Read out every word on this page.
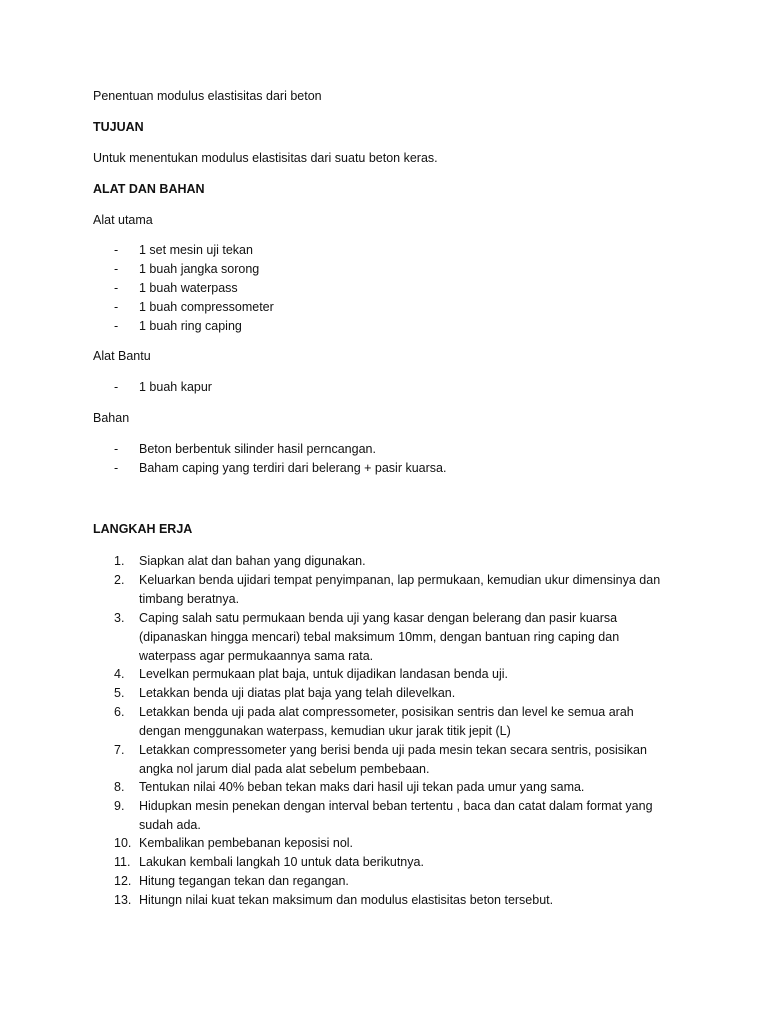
Penentuan modulus elastisitas dari beton
TUJUAN
Untuk menentukan modulus elastisitas dari suatu beton keras.
ALAT DAN BAHAN
Alat utama
- 1 set mesin uji tekan
- 1 buah jangka sorong
- 1 buah waterpass
- 1 buah compressometer
- 1 buah ring caping
Alat Bantu
- 1 buah kapur
Bahan
- Beton berbentuk silinder hasil perncangan.
- Baham caping yang terdiri dari belerang + pasir kuarsa.
LANGKAH ERJA
1.	Siapkan alat dan bahan yang digunakan.
2.	Keluarkan benda ujidari tempat penyimpanan, lap permukaan, kemudian ukur dimensinya dan timbang beratnya.
3.	Caping salah satu permukaan benda uji yang kasar dengan belerang dan pasir kuarsa (dipanaskan hingga mencari) tebal maksimum 10mm, dengan bantuan ring caping dan waterpass agar permukaannya sama rata.
4.	Levelkan permukaan plat baja, untuk dijadikan landasan benda uji.
5.	Letakkan benda uji diatas plat baja yang telah dilevelkan.
6.	Letakkan benda uji pada alat compressometer, posisikan sentris dan level ke semua arah dengan menggunakan waterpass, kemudian ukur jarak titik jepit (L)
7.	Letakkan compressometer yang berisi benda uji pada mesin tekan secara sentris, posisikan angka nol jarum dial pada alat sebelum pembebaan.
8.	Tentukan nilai 40% beban tekan maks dari hasil uji tekan pada umur yang sama.
9.	Hidupkan mesin penekan dengan interval beban tertentu , baca dan catat dalam format yang sudah ada.
10. Kembalikan pembebanan keposisi nol.
11. Lakukan kembali langkah 10 untuk data berikutnya.
12. Hitung tegangan tekan dan regangan.
13. Hitungn nilai kuat tekan maksimum dan modulus elastisitas beton tersebut.
